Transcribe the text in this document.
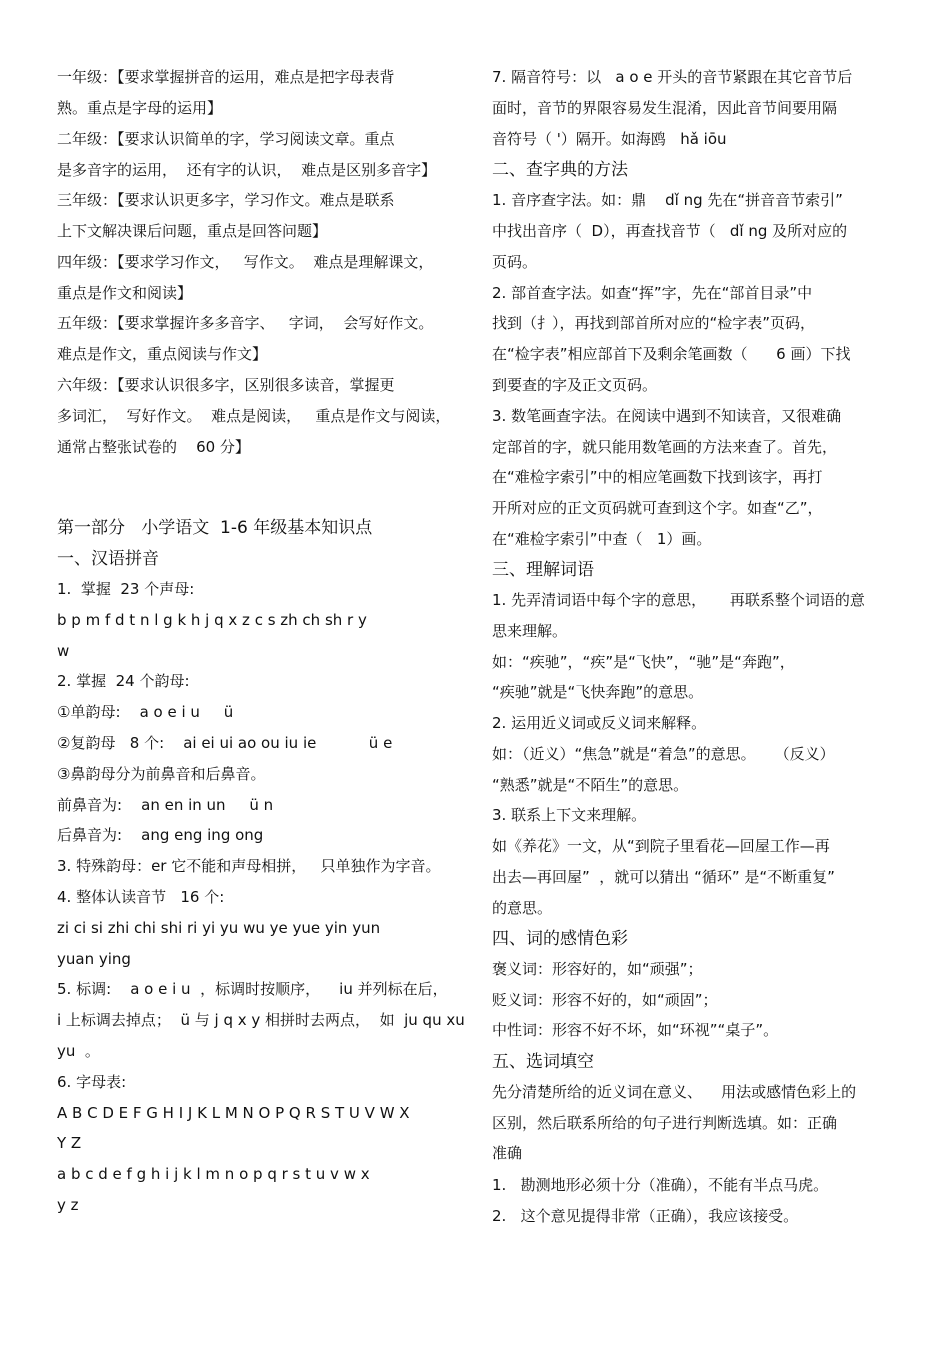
一年级：【要求掌握拼音的运用，难点是把字母表背
熟。重点是字母的运用】
二年级：【要求认识简单的字，学习阅读文章。重点
是多音字的运用，  还有字的认识，  难点是区别多音字】
三年级：【要求认识更多字，学习作文。难点是联系
上下文解决课后问题，重点是回答问题】
四年级：【要求学习作文，   写作文。  难点是理解课文，
重点是作文和阅读】
五年级：【要求掌握许多多音字、   字词，  会写好作文。
难点是作文，重点阅读与作文】
六年级：【要求认识很多字，区别很多读音，掌握更
多词汇，  写好作文。  难点是阅读，   重点是作文与阅读，
通常占整张试卷的    60 分】
第一部分   小学语文  1-6 年级基本知识点
一、汉语拼音
1.  掌握  23 个声母:
b p m f d t n l g k h j q x z c s zh ch sh r y
w
2. 掌握  24 个韵母:
①单韵母:    a o e i u     ü
②复韵母   8 个:    ai ei ui ao ou iu ie           ü e
③鼻韵母分为前鼻音和后鼻音。
前鼻音为:    an en in un     ü n
后鼻音为:    ang eng ing ong
3. 特殊韵母：er 它不能和声母相拼，   只单独作为字音。
4. 整体认读音节   16 个:
zi ci si zhi chi shi ri yi yu wu ye yue yin yun
yuan ying
5. 标调:    a o e i u  ，标调时按顺序，    iu 并列标在后，
i 上标调去掉点；  ü 与 j q x y 相拼时去两点，  如  ju qu xu
yu  。
6. 字母表:
A B C D E F G H I J K L M N O P Q R S T U V W X
Y Z
a b c d e f g h i j k l m n o p q r s t u v w x
y z
7. 隔音符号：以   a o e 开头的音节紧跟在其它音节后
面时，音节的界限容易发生混淆，因此音节间要用隔
音符号（ '）隔开。如海鸥   hǎ iōu
二、查字典的方法
1. 音序查字法。如：鼎    dǐ ng 先在“拼音音节索引”
中找出音序（  D），再查找音节（   dǐ ng 及所对应的
页码。
2. 部首查字法。如查“挥”字，先在“部首目录”中
找到（扌），再找到部首所对应的“检字表”页码，
在“检字表”相应部首下及剩余笔画数（      6 画）下找
到要查的字及正文页码。
3. 数笔画查字法。在阅读中遇到不知读音，又很难确
定部首的字，就只能用数笔画的方法来查了。首先，
在“难检字索引”中的相应笔画数下找到该字，再打
开所对应的正文页码就可查到这个字。如查“乙”，
在“难检字索引”中查（   1）画。
三、理解词语
1. 先弄清词语中每个字的意思，     再联系整个词语的意
思来理解。
如：“疾驰”，“疾”是“飞快”，“驰”是“奔跑”，
“疾驰”就是“飞快奔跑”的意思。
2. 运用近义词或反义词来解释。
如：（近义）“焦急”就是“着急”的意思。    （反义）
“熟悉”就是“不陌生”的意思。
3. 联系上下文来理解。
如《养花》一文，从“到院子里看花—回屋工作—再
出去—再回屋”  ，就可以猜出 “循环” 是“不断重复”
的意思。
四、词的感情色彩
褒义词：形容好的，如“顽强”；
贬义词：形容不好的，如“顽固”；
中性词：形容不好不坏，如“环视”“桌子”。
五、选词填空
先分清楚所给的近义词在意义、    用法或感情色彩上的
区别，然后联系所给的句子进行判断选填。如：正确
准确
1.   勘测地形必须十分（准确），不能有半点马虎。
2.   这个意见提得非常（正确），我应该接受。
